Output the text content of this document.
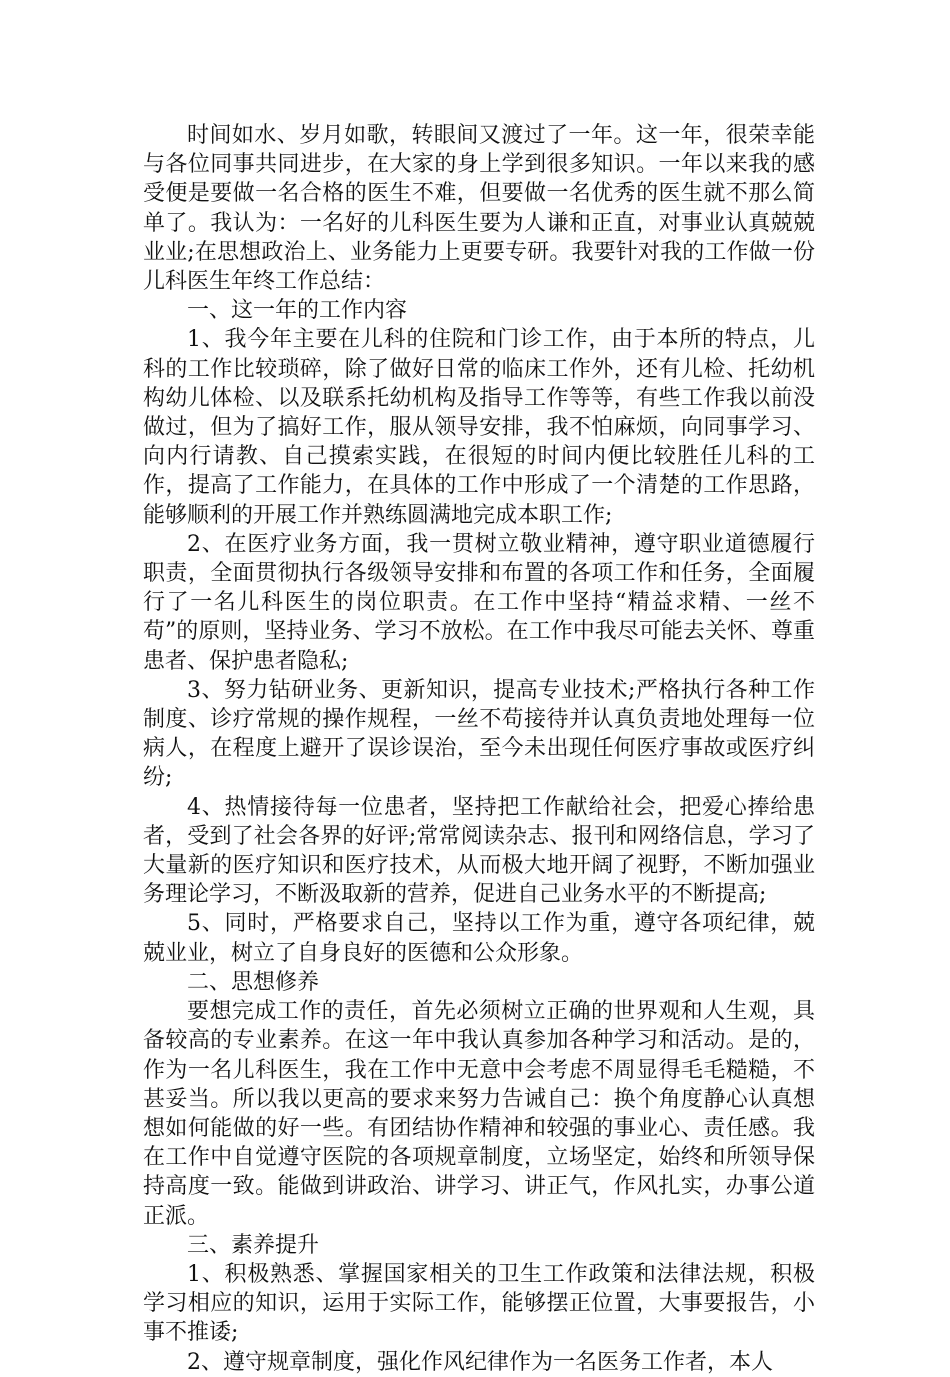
时间如水、岁月如歌，转眼间又渡过了一年。这一年，很荣幸能与各位同事共同进步，在大家的身上学到很多知识。一年以来我的感受便是要做一名合格的医生不难，但要做一名优秀的医生就不那么简单了。我认为：一名好的儿科医生要为人谦和正直，对事业认真兢兢业业;在思想政治上、业务能力上更要专研。我要针对我的工作做一份儿科医生年终工作总结：

一、这一年的工作内容

1、我今年主要在儿科的住院和门诊工作，由于本所的特点，儿科的工作比较琐碎，除了做好日常的临床工作外，还有儿检、托幼机构幼儿体检、以及联系托幼机构及指导工作等等，有些工作我以前没做过，但为了搞好工作，服从领导安排，我不怕麻烦，向同事学习、向内行请教、自己摸索实践，在很短的时间内便比较胜任儿科的工作，提高了工作能力，在具体的工作中形成了一个清楚的工作思路，能够顺利的开展工作并熟练圆满地完成本职工作;

2、在医疗业务方面，我一贯树立敬业精神，遵守职业道德履行职责，全面贯彻执行各级领导安排和布置的各项工作和任务，全面履行了一名儿科医生的岗位职责。在工作中坚持“精益求精、一丝不苟”的原则，坚持业务、学习不放松。在工作中我尽可能去关怀、尊重患者、保护患者隐私;

3、努力钻研业务、更新知识，提高专业技术;严格执行各种工作制度、诊疗常规的操作规程，一丝不苟接待并认真负责地处理每一位病人，在程度上避开了误诊误治，至今未出现任何医疗事故或医疗纠纷;

4、热情接待每一位患者，坚持把工作献给社会，把爱心捧给患者，受到了社会各界的好评;常常阅读杂志、报刊和网络信息，学习了大量新的医疗知识和医疗技术，从而极大地开阔了视野，不断加强业务理论学习，不断汲取新的营养，促进自己业务水平的不断提高;

5、同时，严格要求自己，坚持以工作为重，遵守各项纪律，兢兢业业，树立了自身良好的医德和公众形象。

二、思想修养

要想完成工作的责任，首先必须树立正确的世界观和人生观，具备较高的专业素养。在这一年中我认真参加各种学习和活动。是的，作为一名儿科医生，我在工作中无意中会考虑不周显得毛毛糙糙，不甚妥当。所以我以更高的要求来努力告诫自己：换个角度静心认真想想如何能做的好一些。有团结协作精神和较强的事业心、责任感。我在工作中自觉遵守医院的各项规章制度，立场坚定，始终和所领导保持高度一致。能做到讲政治、讲学习、讲正气，作风扎实，办事公道正派。

三、素养提升

1、积极熟悉、掌握国家相关的卫生工作政策和法律法规，积极学习相应的知识，运用于实际工作，能够摆正位置，大事要报告，小事不推诿;

2、遵守规章制度，强化作风纪律作为一名医务工作者，本人
